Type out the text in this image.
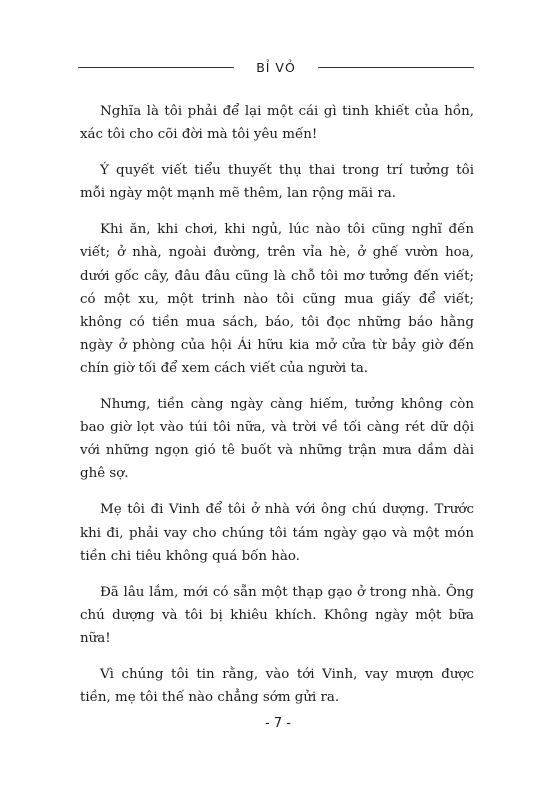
BỈ VỎ

Nghĩa là tôi phải để lại một cái gì tinh khiết của hồn, xác tôi cho cõi đời mà tôi yêu mến!

Ý quyết viết tiểu thuyết thụ thai trong trí tưởng tôi mỗi ngày một mạnh mẽ thêm, lan rộng mãi ra.

Khi ăn, khi chơi, khi ngủ, lúc nào tôi cũng nghĩ đến viết; ở nhà, ngoài đường, trên vỉa hè, ở ghế vườn hoa, dưới gốc cây, đâu đâu cũng là chỗ tôi mơ tưởng đến viết; có một xu, một trinh nào tôi cũng mua giấy để viết; không có tiền mua sách, báo, tôi đọc những báo hằng ngày ở phòng của hội Ái hữu kia mở cửa từ bảy giờ đến chín giờ tối để xem cách viết của người ta.

Nhưng, tiền càng ngày càng hiếm, tưởng không còn bao giờ lọt vào túi tôi nữa, và trời về tối càng rét dữ dội với những ngọn gió tê buốt và những trận mưa dầm dài ghê sợ.

Mẹ tôi đi Vinh để tôi ở nhà với ông chú dượng. Trước khi đi, phải vay cho chúng tôi tám ngày gạo và một món tiền chi tiêu không quá bốn hào.

Đã lâu lắm, mới có sẵn một thạp gạo ở trong nhà. Ông chú dượng và tôi bị khiêu khích. Không ngày một bữa nữa!

Vì chúng tôi tin rằng, vào tới Vinh, vay mượn được tiền, mẹ tôi thế nào chẳng sớm gửi ra.

- 7 -
